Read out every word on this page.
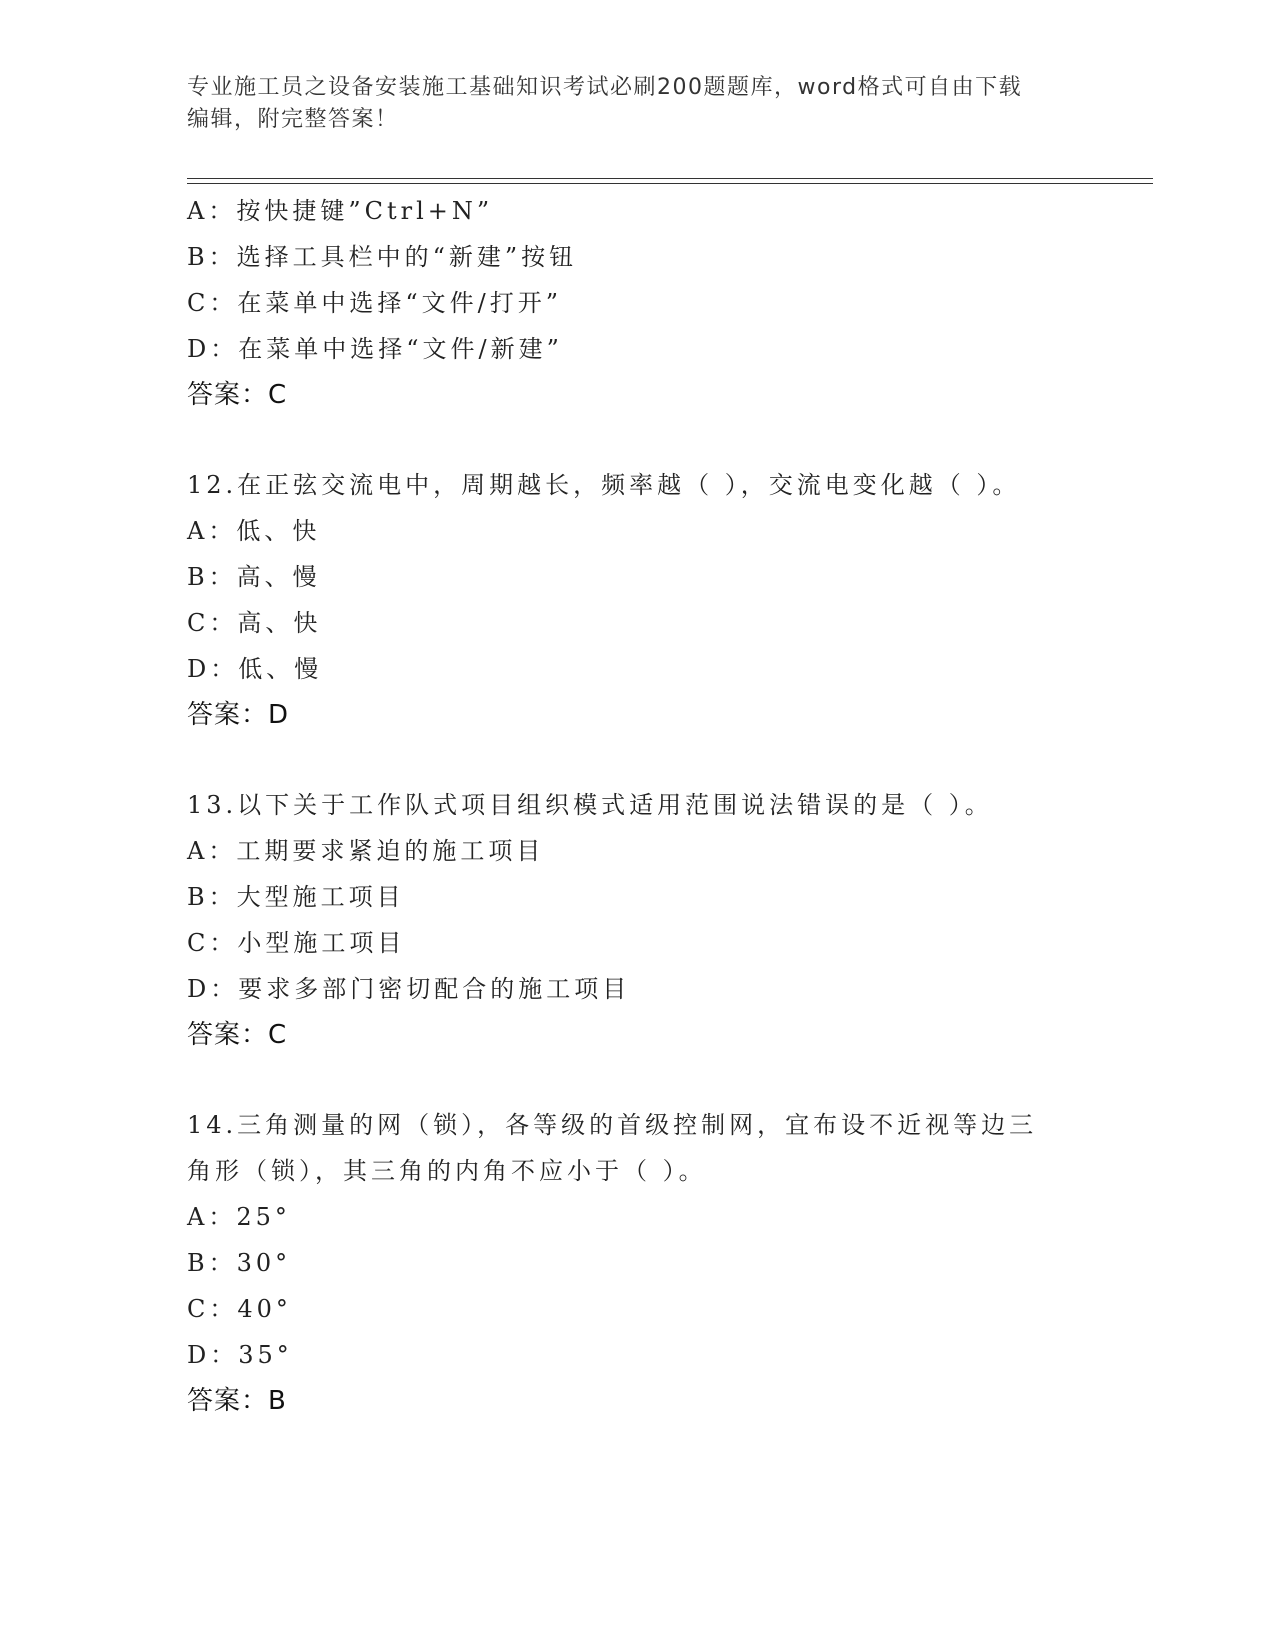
专业施工员之设备安装施工基础知识考试必刷200题题库，word格式可自由下载
编辑，附完整答案！
A：按快捷键”Ctrl+N”
B：选择工具栏中的“新建”按钮
C：在菜单中选择“文件/打开”
D：在菜单中选择“文件/新建”
答案：C
12.在正弦交流电中，周期越长，频率越（ ），交流电变化越（ ）。
A：低、快
B：高、慢
C：高、快
D：低、慢
答案：D
13.以下关于工作队式项目组织模式适用范围说法错误的是（ ）。
A：工期要求紧迫的施工项目
B：大型施工项目
C：小型施工项目
D：要求多部门密切配合的施工项目
答案：C
14.三角测量的网（锁），各等级的首级控制网，宜布设不近视等边三
角形（锁），其三角的内角不应小于（ ）。
A：25°
B：30°
C：40°
D：35°
答案：B
